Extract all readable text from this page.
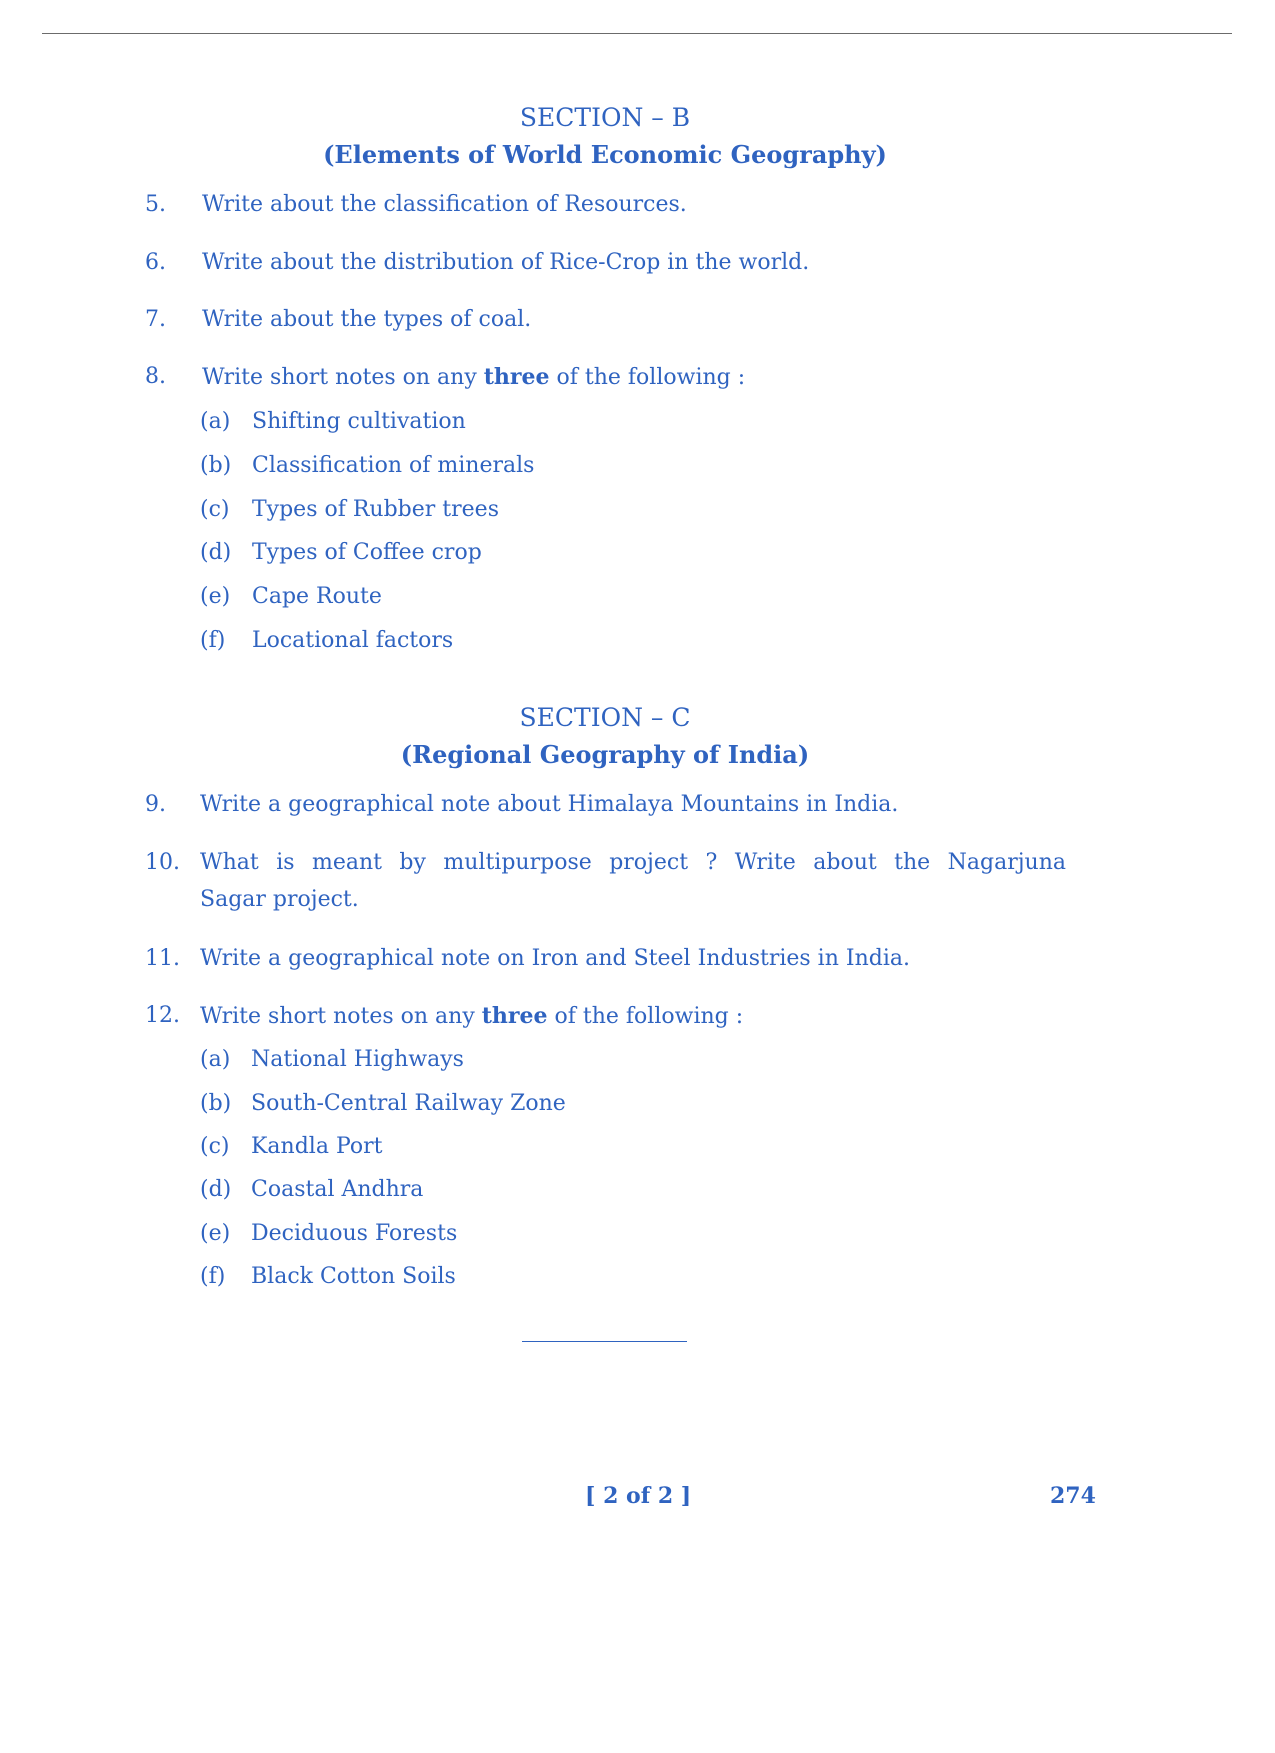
SECTION – B
(Elements of World Economic Geography)
5. Write about the classification of Resources.
6. Write about the distribution of Rice-Crop in the world.
7. Write about the types of coal.
8. Write short notes on any three of the following :
(a) Shifting cultivation
(b) Classification of minerals
(c) Types of Rubber trees
(d) Types of Coffee crop
(e) Cape Route
(f) Locational factors
SECTION – C
(Regional Geography of India)
9. Write a geographical note about Himalaya Mountains in India.
10. What is meant by multipurpose project ? Write about the Nagarjuna
Sagar project.
11. Write a geographical note on Iron and Steel Industries in India.
12. Write short notes on any three of the following :
(a) National Highways
(b) South-Central Railway Zone
(c) Kandla Port
(d) Coastal Andhra
(e) Deciduous Forests
(f) Black Cotton Soils
[ 2 of 2 ]	274
